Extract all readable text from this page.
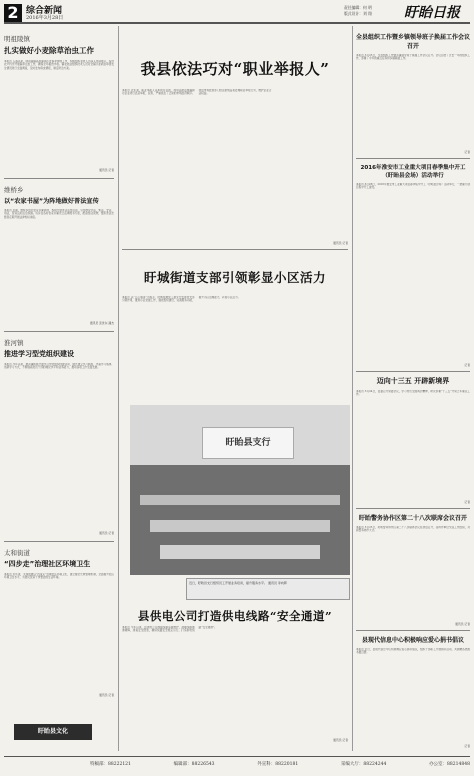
2 综合新闻
2016年3月28日
责任编辑：何 明
版式设计：刘 翔 盱眙日报
明祖陵镇
扎实做好小麦除草治虫工作
本报讯 入春以来，明祖陵镇高度重视小麦春季管理工作，积极组织农技人员深入田间地头，指导农户科学开展除草治虫工作，确保全年粮食丰收。镇农技站组织技术人员对全镇小麦病虫草害发生情况进行全面调查，及时发布病虫情报，制定防治方案。
通讯员 记者
维桥乡
以“农家书屋”为阵地做好普法宣传
本报讯 近期，维桥乡依托农家书屋阵地，积极开展普法宣传活动，引导群众学法、知法、守法、用法，营造良好法治氛围。该乡在各村农家书屋设立法律图书专柜，配备普法读物，组织普法志愿者定期开展法律知识讲座。
通讯员 张世东 潘杰
淮河镇
推进学习型党组织建设
本报讯 今年以来，淮河镇积极开展学习型党组织创建活动，通过建立学习制度、丰富学习载体、创新学习方式，不断提高党员干部的理论水平和业务能力，推动各项工作全面发展。
通讯员 记者
太和街道
“四步走”治理社区环境卫生
本报讯 近年来，太和街道以“四步走”治理社区环境卫生，建立健全长效管理机制，全面提升社区环境卫生水平，为居民营造干净整洁的生活环境。
通讯员 记者
盱眙县文化
我县依法巧对“职业举报人”
本报讯 近年来，职业举报人以牟利为目的，利用法律法规漏洞对企业进行恶意举报、投诉，严重扰乱了正常的市场经济秩序。我县市场监管部门依法依规妥善处理职业举报行为，维护企业合法权益。
通讯员 记者
盱城街道支部引领彰显小区活力
本报讯 以“五心服务”为抓手，盱城街道党工委充分发挥党支部引领作用，推进小区党建工作，强化组织建设，完善服务功能，提升小区治理能力，彰显小区活力。
盱眙县支行
近日，盱眙县支行组织员工开展业务培训，提升服务水平。 通讯员 李向辉
县供电公司打造供电线路“安全通道”
本报讯 今年以来，县供电公司加强线路巡视维护，清理线路通道树障，排查安全隐患，确保线路安全稳定运行，打造供电线路“安全通道”。
通讯员 记者
全县组织工作暨乡镇领导班子换届工作会议召开
本报讯 3月25日，全县组织工作暨乡镇领导班子换届工作会议召开。会议总结了过去一年的组织工作，部署了今年的重点任务和乡镇换届工作。
记者
2016年淮安市工业重大项目春季集中开工（盱眙县会场）活动举行
本报讯 3月26日，2016年淮安市工业重大项目春季集中开工（盱眙县会场）活动举行，一批重大项目集中开工建设。
记者
迈向十三五 开辟新境界
本报讯 3月24日，县委召开常委会议，学习传达全国两会精神，研究部署“十三五”开局之年重点工作。
记者
盱眙警务协作区第二十八次联席会议召开
本报讯 3月25日，盱眙警务协作区第二十八次联席会议在我县召开，各协作单位交流工作经验，共商警务协作大计。
通讯员 记者
县现代信息中心积极响应爱心捐书倡议
本报讯 近日，县现代信息中心积极响应爱心捐书倡议，组织干部职工开展捐书活动，共捐赠各类图书数百册。
记者
特稿部：88222121	编辑部：88226543	外宣科：88220181	采编大厅：88224244	办公室：88214848
